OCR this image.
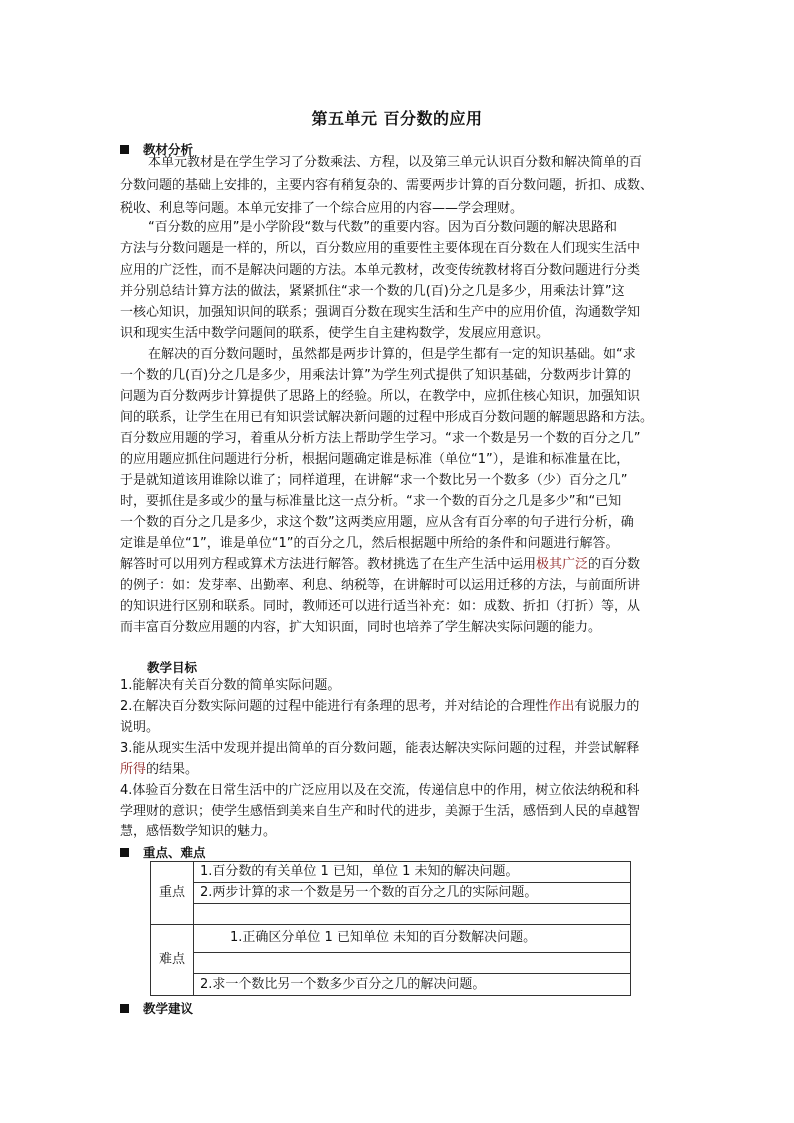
第五单元 百分数的应用
教材分析
本单元教材是在学生学习了分数乘法、方程，以及第三单元认识百分数和解决简单的百
分数问题的基础上安排的，主要内容有稍复杂的、需要两步计算的百分数问题，折扣、成数、
税收、利息等问题。本单元安排了一个综合应用的内容——学会理财。
“百分数的应用”是小学阶段“数与代数”的重要内容。因为百分数问题的解决思路和
方法与分数问题是一样的，所以，百分数应用的重要性主要体现在百分数在人们现实生活中
应用的广泛性，而不是解决问题的方法。本单元教材，改变传统教材将百分数问题进行分类
并分别总结计算方法的做法，紧紧抓住“求一个数的几(百)分之几是多少，用乘法计算”这
一核心知识，加强知识间的联系；强调百分数在现实生活和生产中的应用价值，沟通数学知
识和现实生活中数学问题间的联系，使学生自主建构数学，发展应用意识。
在解决的百分数问题时，虽然都是两步计算的，但是学生都有一定的知识基础。如“求
一个数的几(百)分之几是多少，用乘法计算”为学生列式提供了知识基础，分数两步计算的
问题为百分数两步计算提供了思路上的经验。所以，在教学中，应抓住核心知识，加强知识
间的联系，让学生在用已有知识尝试解决新问题的过程中形成百分数问题的解题思路和方法。
百分数应用题的学习，着重从分析方法上帮助学生学习。“求一个数是另一个数的百分之几”
的应用题应抓住问题进行分析，根据问题确定谁是标准（单位“1”），是谁和标准量在比，
于是就知道该用谁除以谁了；同样道理，在讲解“求一个数比另一个数多（少）百分之几”
时，要抓住是多或少的量与标准量比这一点分析。“求一个数的百分之几是多少”和“已知
一个数的百分之几是多少，求这个数”这两类应用题，应从含有百分率的句子进行分析，确
定谁是单位“1”，谁是单位“1”的百分之几，然后根据题中所给的条件和问题进行解答。
解答时可以用列方程或算术方法进行解答。教材挑选了在生产生活中运用极其广泛的百分数
的例子：如：发芽率、出勤率、利息、纳税等，在讲解时可以运用迁移的方法，与前面所讲
的知识进行区别和联系。同时，教师还可以进行适当补充：如：成数、折扣（打折）等，从
而丰富百分数应用题的内容，扩大知识面，同时也培养了学生解决实际问题的能力。
教学目标
1.能解决有关百分数的简单实际问题。
2.在解决百分数实际问题的过程中能进行有条理的思考，并对结论的合理性作出有说服力的
说明。
3.能从现实生活中发现并提出简单的百分数问题，能表达解决实际问题的过程，并尝试解释
所得的结果。
4.体验百分数在日常生活中的广泛应用以及在交流，传递信息中的作用，树立依法纳税和科
学理财的意识；使学生感悟到美来自生产和时代的进步，美源于生活，感悟到人民的卓越智
慧，感悟数学知识的魅力。
重点、难点
重点	1.百分数的有关单位 1 已知，单位 1 未知的解决问题。
	2.两步计算的求一个数是另一个数的百分之几的实际问题。

难点	1.正确区分单位 1 已知单位 未知的百分数解决问题。

	2.求一个数比另一个数多少百分之几的解决问题。
教学建议
